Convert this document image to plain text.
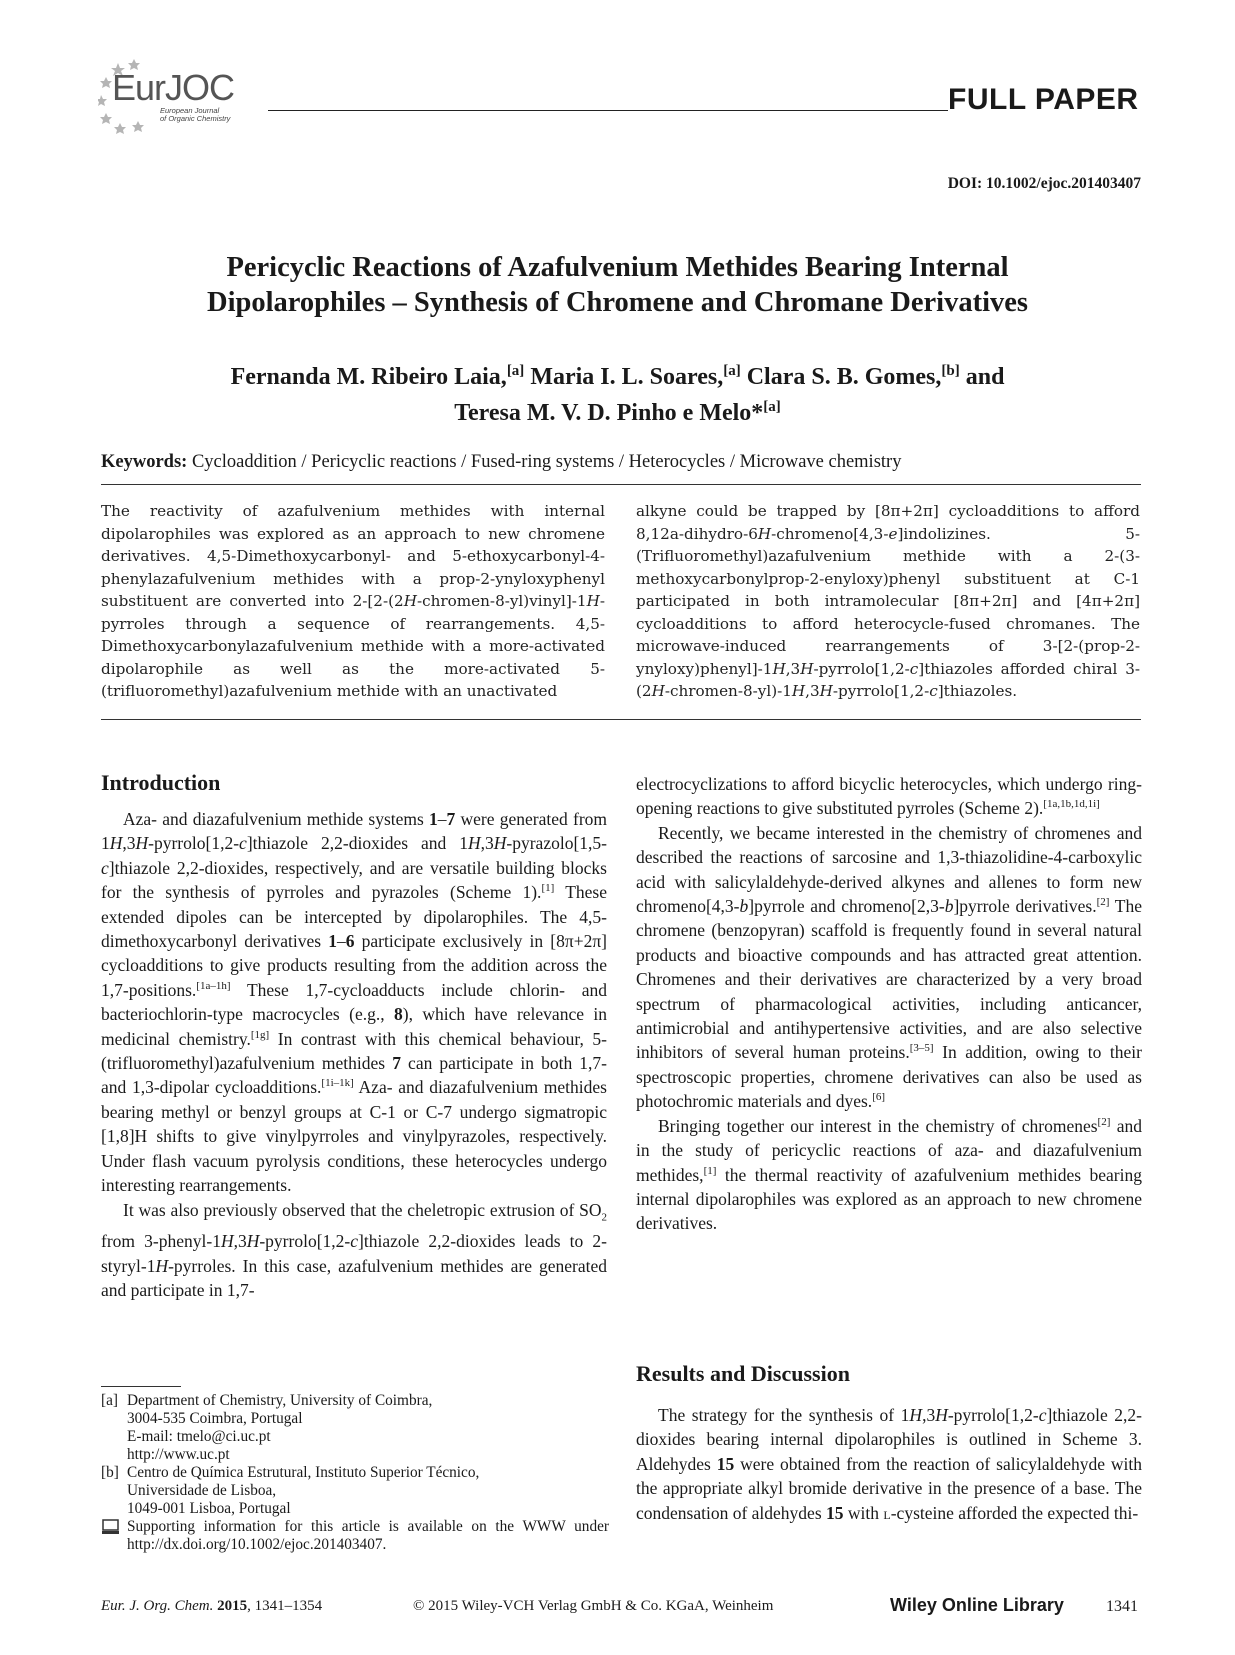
EurJOC
European Journal
of Organic Chemistry
FULL PAPER
DOI: 10.1002/ejoc.201403407
Pericyclic Reactions of Azafulvenium Methides Bearing Internal
Dipolarophiles – Synthesis of Chromene and Chromane Derivatives
Fernanda M. Ribeiro Laia,[a] Maria I. L. Soares,[a] Clara S. B. Gomes,[b] and
Teresa M. V. D. Pinho e Melo*[a]
Keywords: Cycloaddition / Pericyclic reactions / Fused-ring systems / Heterocycles / Microwave chemistry
The reactivity of azafulvenium methides with internal dipolarophiles was explored as an approach to new chromene derivatives. 4,5-Dimethoxycarbonyl- and 5-ethoxycarbonyl-4-phenylazafulvenium methides with a prop-2-ynyloxyphenyl substituent are converted into 2-[2-(2H-chromen-8-yl)vinyl]-1H-pyrroles through a sequence of rearrangements. 4,5-Dimethoxycarbonylazafulvenium methide with a more-activated dipolarophile as well as the more-activated 5-(trifluoromethyl)azafulvenium methide with an unactivated
alkyne could be trapped by [8π+2π] cycloadditions to afford 8,12a-dihydro-6H-chromeno[4,3-e]indolizines. 5-(Trifluoromethyl)azafulvenium methide with a 2-(3-methoxycarbonylprop-2-enyloxy)phenyl substituent at C-1 participated in both intramolecular [8π+2π] and [4π+2π] cycloadditions to afford heterocycle-fused chromanes. The microwave-induced rearrangements of 3-[2-(prop-2-ynyloxy)phenyl]-1H,3H-pyrrolo[1,2-c]thiazoles afforded chiral 3-(2H-chromen-8-yl)-1H,3H-pyrrolo[1,2-c]thiazoles.
Introduction

Aza- and diazafulvenium methide systems 1–7 were generated from 1H,3H-pyrrolo[1,2-c]thiazole 2,2-dioxides and 1H,3H-pyrazolo[1,5-c]thiazole 2,2-dioxides, respectively, and are versatile building blocks for the synthesis of pyrroles and pyrazoles (Scheme 1).[1] These extended dipoles can be intercepted by dipolarophiles. The 4,5-dimethoxycarbonyl derivatives 1–6 participate exclusively in [8π+2π] cycloadditions to give products resulting from the addition across the 1,7-positions.[1a–1h] These 1,7-cycloadducts include chlorin- and bacteriochlorin-type macrocycles (e.g., 8), which have relevance in medicinal chemistry.[1g] In contrast with this chemical behaviour, 5-(trifluoromethyl)azafulvenium methides 7 can participate in both 1,7- and 1,3-dipolar cycloadditions.[1i–1k] Aza- and diazafulvenium methides bearing methyl or benzyl groups at C-1 or C-7 undergo sigmatropic [1,8]H shifts to give vinylpyrroles and vinylpyrazoles, respectively. Under flash vacuum pyrolysis conditions, these heterocycles undergo interesting rearrangements.

It was also previously observed that the cheletropic extrusion of $SO_2$ from 3-phenyl-1H,3H-pyrrolo[1,2-c]thiazole 2,2-dioxides leads to 2-styryl-1H-pyrroles. In this case, azafulvenium methides are generated and participate in 1,7-

electrocyclizations to afford bicyclic heterocycles, which undergo ring-opening reactions to give substituted pyrroles (Scheme 2).[1a,1b,1d,1i]

Recently, we became interested in the chemistry of chromenes and described the reactions of sarcosine and 1,3-thiazolidine-4-carboxylic acid with salicylaldehyde-derived alkynes and allenes to form new chromeno[4,3-b]pyrrole and chromeno[2,3-b]pyrrole derivatives.[2] The chromene (benzopyran) scaffold is frequently found in several natural products and bioactive compounds and has attracted great attention. Chromenes and their derivatives are characterized by a very broad spectrum of pharmacological activities, including anticancer, antimicrobial and antihypertensive activities, and are also selective inhibitors of several human proteins.[3–5] In addition, owing to their spectroscopic properties, chromene derivatives can also be used as photochromic materials and dyes.[6]

Bringing together our interest in the chemistry of chromenes[2] and in the study of pericyclic reactions of aza- and diazafulvenium methides,[1] the thermal reactivity of azafulvenium methides bearing internal dipolarophiles was explored as an approach to new chromene derivatives.

Results and Discussion

The strategy for the synthesis of 1H,3H-pyrrolo[1,2-c]thiazole 2,2-dioxides bearing internal dipolarophiles is outlined in Scheme 3. Aldehydes 15 were obtained from the reaction of salicylaldehyde with the appropriate alkyl bromide derivative in the presence of a base. The condensation of aldehydes 15 with l-cysteine afforded the expected thi-

[a] Department of Chemistry, University of Coimbra,
3004-535 Coimbra, Portugal
E-mail: tmelo@ci.uc.pt
http://www.uc.pt
[b] Centro de Química Estrutural, Instituto Superior Técnico,
Universidade de Lisboa,
1049-001 Lisboa, Portugal
Supporting information for this article is available on the WWW under http://dx.doi.org/10.1002/ejoc.201403407.
Eur. J. Org. Chem. 2015, 1341–1354	© 2015 Wiley-VCH Verlag GmbH & Co. KGaA, Weinheim	Wiley Online Library	1341
